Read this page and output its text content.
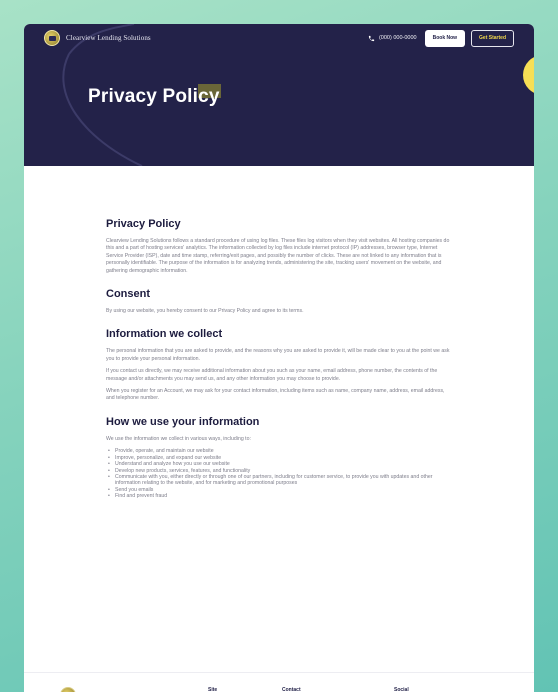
Clearview Lending Solutions	(000) 000-0000	Book Now	Get Started
Privacy Policy
Privacy Policy

Clearview Lending Solutions follows a standard procedure of using log files. These files log visitors when they visit websites. All hosting companies do this and a part of hosting services' analytics. The information collected by log files include internet protocol (IP) addresses, browser type, Internet Service Provider (ISP), date and time stamp, referring/exit pages, and possibly the number of clicks. These are not linked to any information that is personally identifiable. The purpose of the information is for analyzing trends, administering the site, tracking users' movement on the website, and gathering demographic information.

Consent

By using our website, you hereby consent to our Privacy Policy and agree to its terms.

Information we collect

The personal information that you are asked to provide, and the reasons why you are asked to provide it, will be made clear to you at the point we ask you to provide your personal information.

If you contact us directly, we may receive additional information about you such as your name, email address, phone number, the contents of the message and/or attachments you may send us, and any other information you may choose to provide.

When you register for an Account, we may ask for your contact information, including items such as name, company name, address, email address, and telephone number.

How we use your information

We use the information we collect in various ways, including to:

• Provide, operate, and maintain our website
• Improve, personalize, and expand our website
• Understand and analyze how you use our website
• Develop new products, services, features, and functionality
• Communicate with you, either directly or through one of our partners, including for customer service, to provide you with updates and other information relating to the website, and for marketing and promotional purposes
• Send you emails
• Find and prevent fraud
Site	Contact	Social
